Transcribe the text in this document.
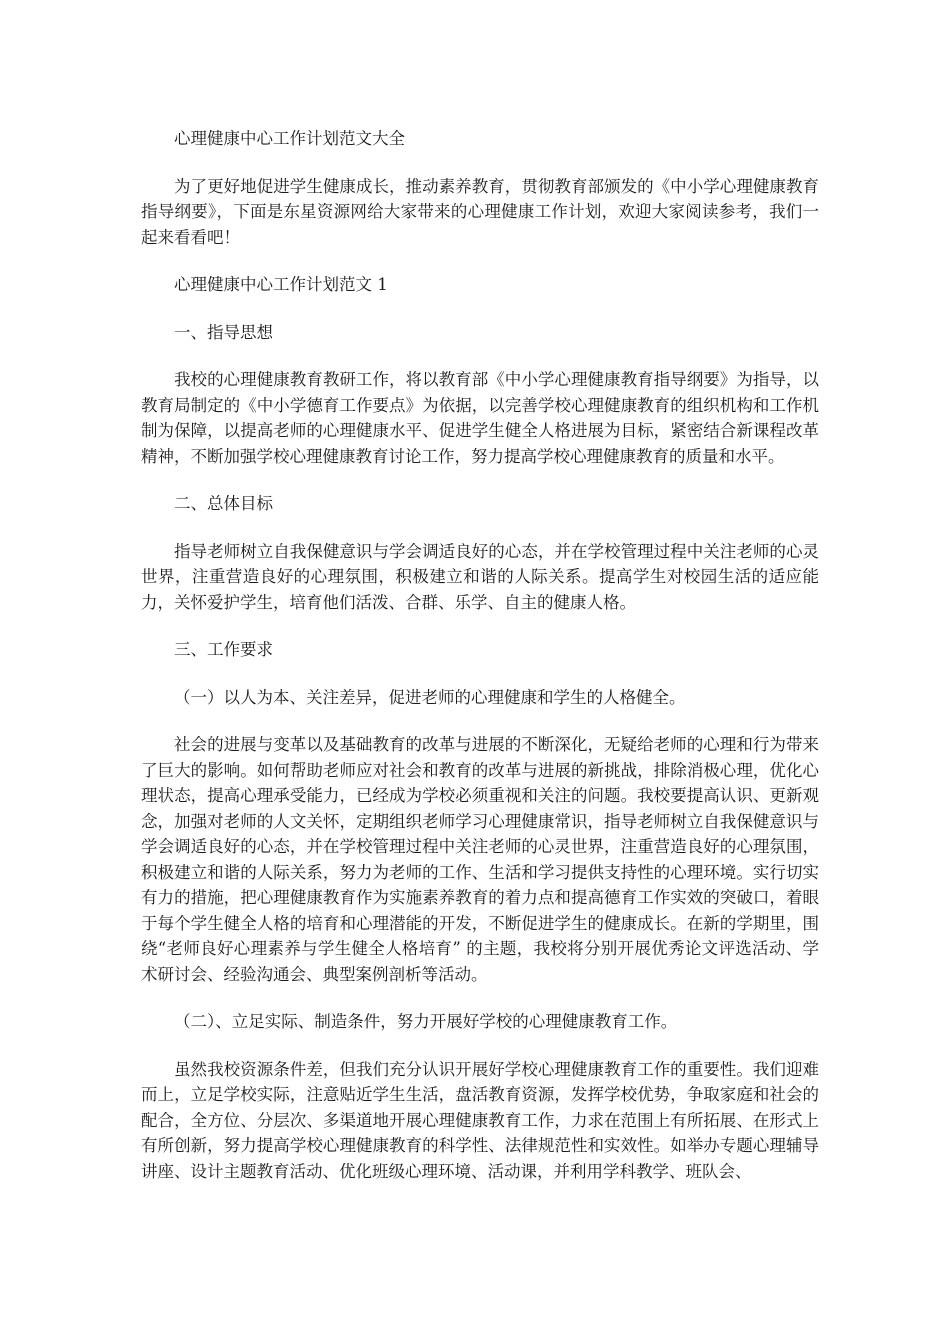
心理健康中心工作计划范文大全

为了更好地促进学生健康成长，推动素养教育，贯彻教育部颁发的《中小学心理健康教育指导纲要》，下面是东星资源网给大家带来的心理健康工作计划，欢迎大家阅读参考，我们一起来看看吧！

心理健康中心工作计划范文 1

一、指导思想

我校的心理健康教育教研工作，将以教育部《中小学心理健康教育指导纲要》为指导，以教育局制定的《中小学德育工作要点》为依据，以完善学校心理健康教育的组织机构和工作机制为保障，以提高老师的心理健康水平、促进学生健全人格进展为目标，紧密结合新课程改革精神，不断加强学校心理健康教育讨论工作，努力提高学校心理健康教育的质量和水平。

二、总体目标

指导老师树立自我保健意识与学会调适良好的心态，并在学校管理过程中关注老师的心灵世界，注重营造良好的心理氛围，积极建立和谐的人际关系。提高学生对校园生活的适应能力，关怀爱护学生，培育他们活泼、合群、乐学、自主的健康人格。

三、工作要求

（一）以人为本、关注差异，促进老师的心理健康和学生的人格健全。

社会的进展与变革以及基础教育的改革与进展的不断深化，无疑给老师的心理和行为带来了巨大的影响。如何帮助老师应对社会和教育的改革与进展的新挑战，排除消极心理，优化心理状态，提高心理承受能力，已经成为学校必须重视和关注的问题。我校要提高认识、更新观念，加强对老师的人文关怀，定期组织老师学习心理健康常识，指导老师树立自我保健意识与学会调适良好的心态，并在学校管理过程中关注老师的心灵世界，注重营造良好的心理氛围，积极建立和谐的人际关系，努力为老师的工作、生活和学习提供支持性的心理环境。实行切实有力的措施，把心理健康教育作为实施素养教育的着力点和提高德育工作实效的突破口，着眼于每个学生健全人格的培育和心理潜能的开发，不断促进学生的健康成长。在新的学期里，围绕“老师良好心理素养与学生健全人格培育” 的主题，我校将分别开展优秀论文评选活动、学术研讨会、经验沟通会、典型案例剖析等活动。

（二）、立足实际、制造条件，努力开展好学校的心理健康教育工作。

虽然我校资源条件差，但我们充分认识开展好学校心理健康教育工作的重要性。我们迎难而上，立足学校实际，注意贴近学生生活，盘活教育资源，发挥学校优势，争取家庭和社会的配合，全方位、分层次、多渠道地开展心理健康教育工作，力求在范围上有所拓展、在形式上有所创新，努力提高学校心理健康教育的科学性、法律规范性和实效性。如举办专题心理辅导讲座、设计主题教育活动、优化班级心理环境、活动课，并利用学科教学、班队会、
